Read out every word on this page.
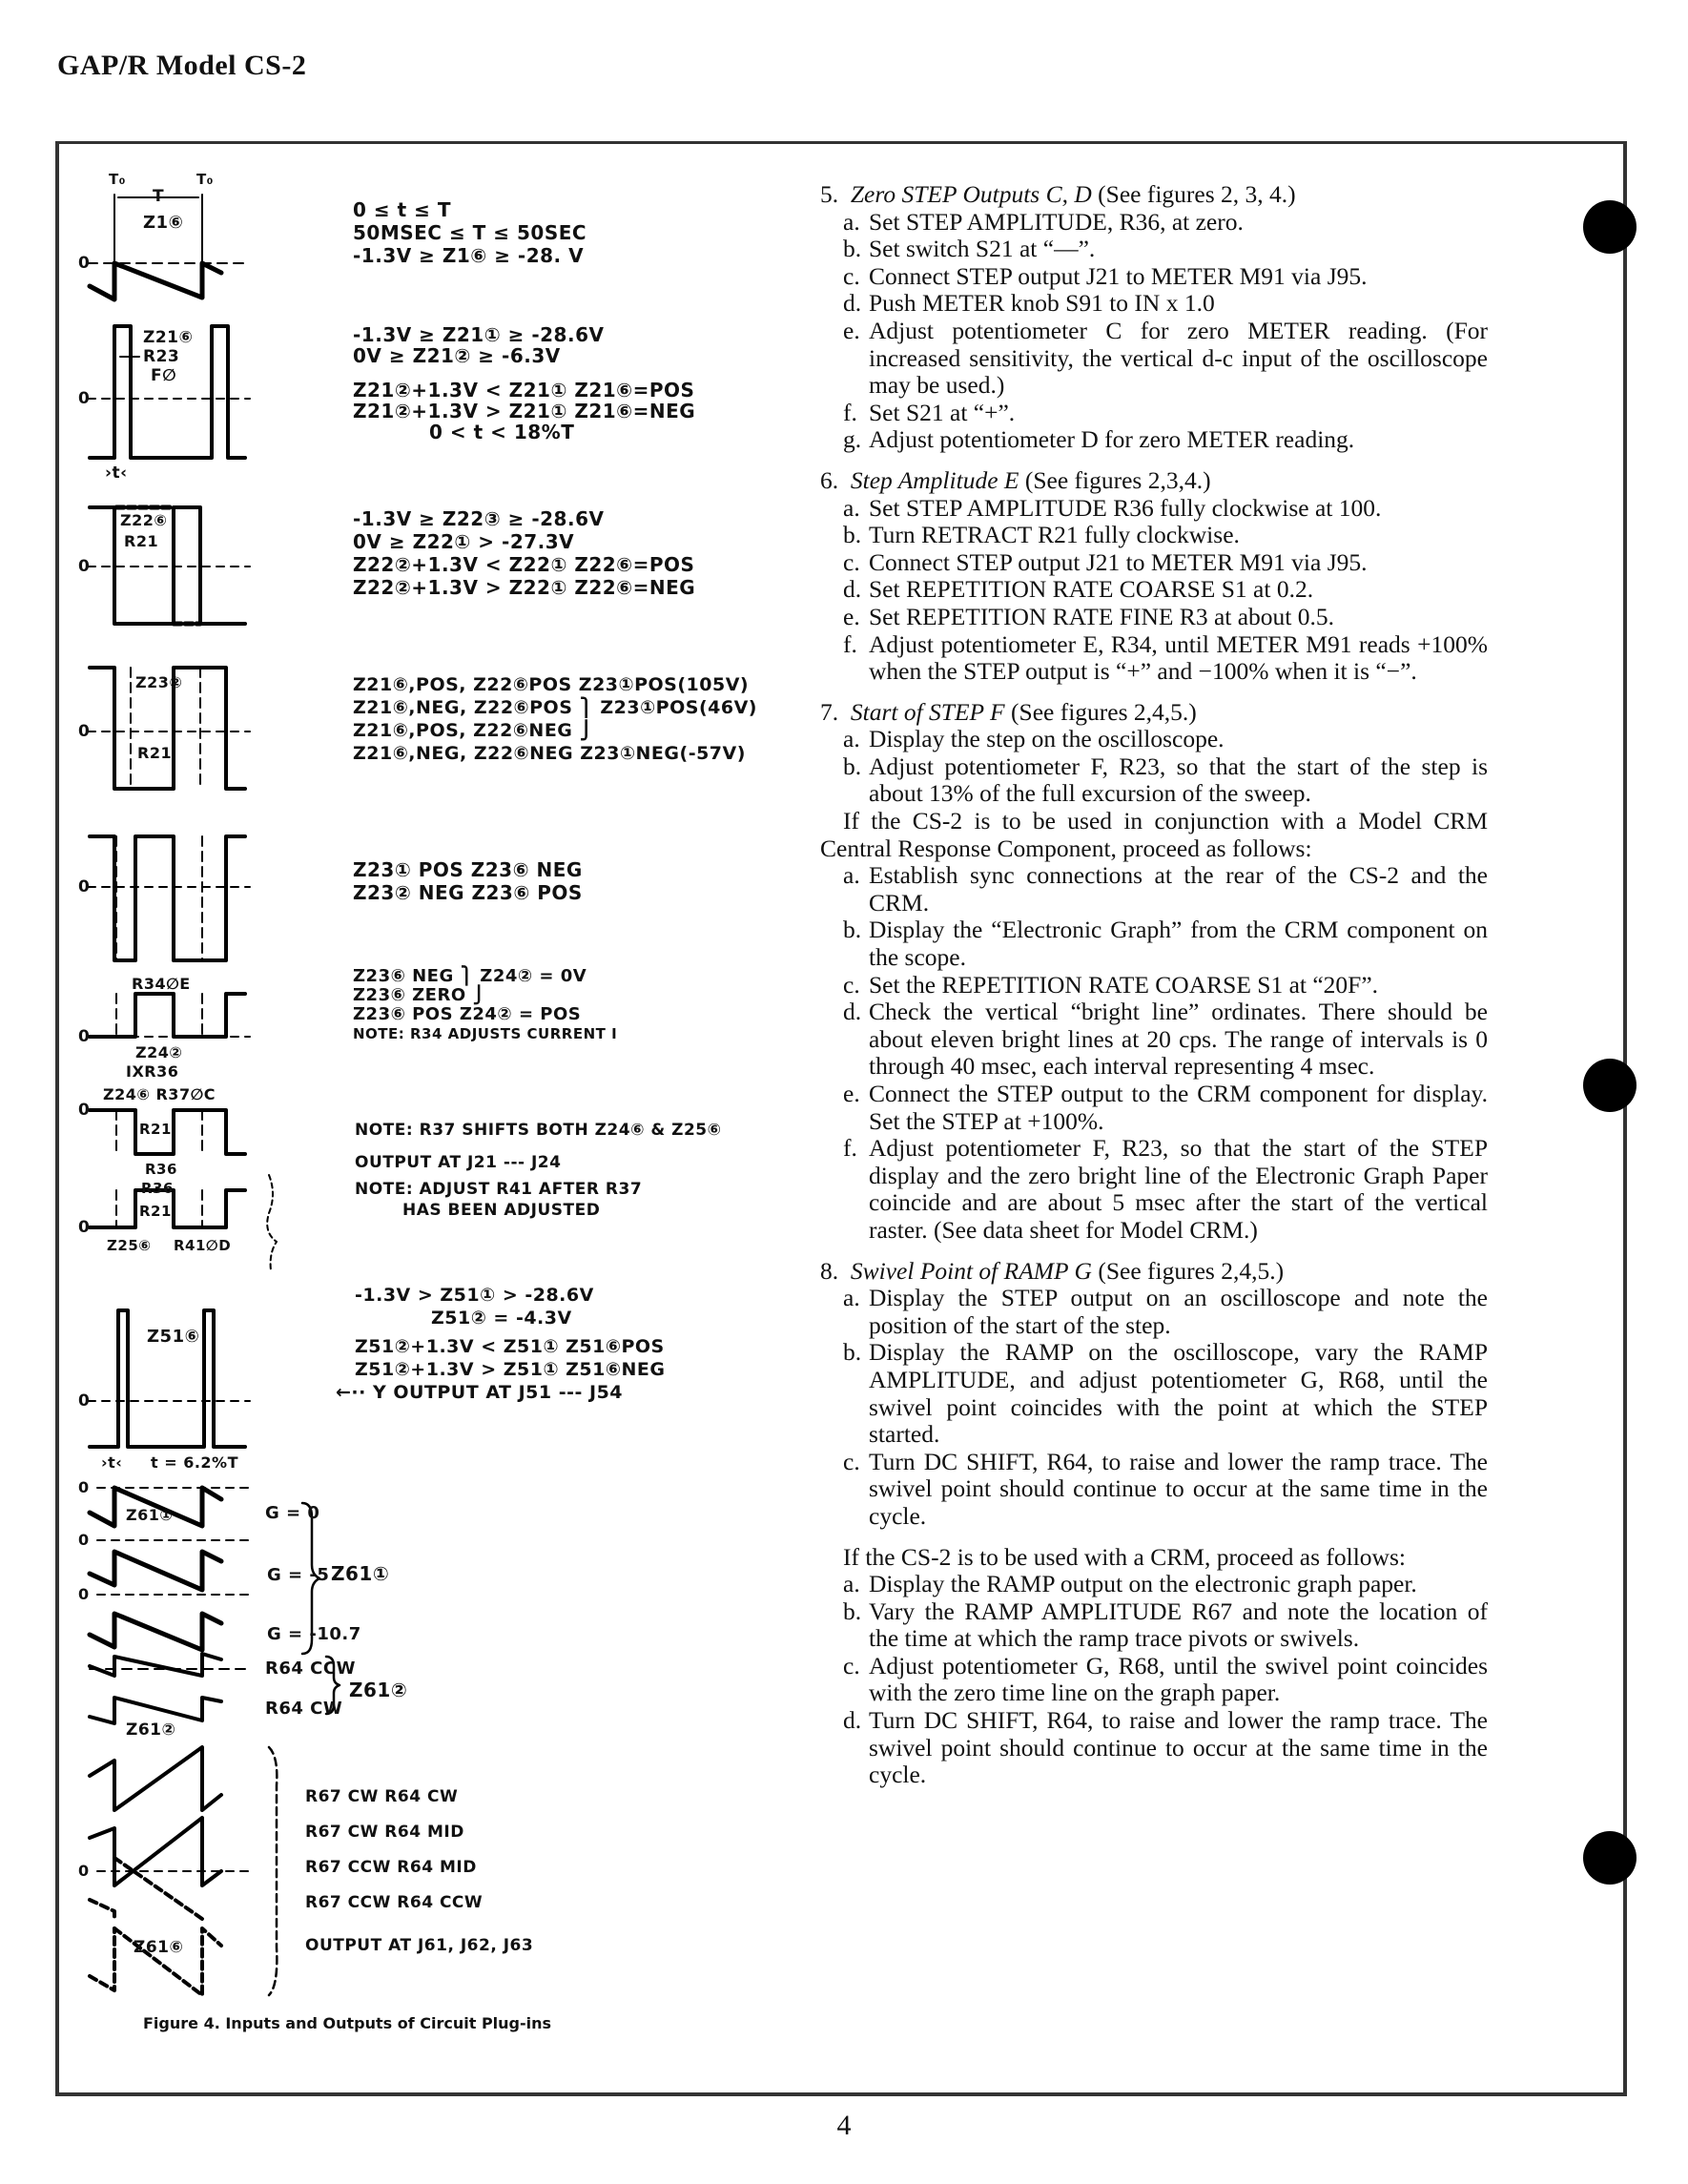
GAP/R Model CS-2
T₀	T₀
T
Z1⑥
0
Z21⑥
R23
F∅
0
›t‹
Z22⑥
R21
0
Z23②
0
R21
0
R34∅E
0
Z24②
IXR36
Z24⑥ R37∅C
0
R21
R36
R36
R21
0
Z25⑥ R41∅D
Z51⑥
0
›t‹ t = 6.2%T
0
Z61①
0
0
Z61②
0
Z61⑥
0 ≤ t ≤ T
50MSEC ≤ T ≤ 50SEC
-1.3V ≥ Z1⑥ ≥ -28. V
-1.3V ≥ Z21① ≥ -28.6V
0V ≥ Z21② ≥ -6.3V
Z21②+1.3V < Z21① Z21⑥=POS
Z21②+1.3V > Z21① Z21⑥=NEG
0 < t < 18%T
-1.3V ≥ Z22③ ≥ -28.6V
0V ≥ Z22① > -27.3V
Z22②+1.3V < Z22① Z22⑥=POS
Z22②+1.3V > Z22① Z22⑥=NEG
Z21⑥,POS, Z22⑥POS Z23①POS(105V)
Z21⑥,NEG, Z22⑥POS ⎫ Z23①POS(46V)
Z21⑥,POS, Z22⑥NEG ⎭
Z21⑥,NEG, Z22⑥NEG Z23①NEG(-57V)
Z23① POS Z23⑥ NEG
Z23② NEG Z23⑥ POS
Z23⑥ NEG ⎫ Z24② = 0V
Z23⑥ ZERO ⎭
Z23⑥ POS Z24② = POS
NOTE: R34 ADJUSTS CURRENT I
NOTE: R37 SHIFTS BOTH Z24⑥ & Z25⑥
OUTPUT AT J21 --- J24
NOTE: ADJUST R41 AFTER R37
HAS BEEN ADJUSTED
-1.3V > Z51① > -28.6V
Z51② = -4.3V
Z51②+1.3V < Z51① Z51⑥POS
Z51②+1.3V > Z51① Z51⑥NEG
←·· Y OUTPUT AT J51 --- J54
G = 0
G = -5
G = -10.7
Z61①
R64 CCW
R64 CW
Z61②
R67 CW R64 CW
R67 CW R64 MID
R67 CCW R64 MID
R67 CCW R64 CCW
OUTPUT AT J61, J62, J63
Figure 4. Inputs and Outputs of Circuit Plug-ins
5. Zero STEP Outputs C, D (See figures 2, 3, 4.)
a. Set STEP AMPLITUDE, R36, at zero.
b. Set switch S21 at “—”.
c. Connect STEP output J21 to METER M91 via J95.
d. Push METER knob S91 to IN x 1.0
e. Adjust potentiometer C for zero METER reading. (For increased sensitivity, the vertical d-c input of the oscilloscope may be used.)
f. Set S21 at “+”.
g. Adjust potentiometer D for zero METER reading.
6. Step Amplitude E (See figures 2,3,4.)
a. Set STEP AMPLITUDE R36 fully clockwise at 100.
b. Turn RETRACT R21 fully clockwise.
c. Connect STEP output J21 to METER M91 via J95.
d. Set REPETITION RATE COARSE S1 at 0.2.
e. Set REPETITION RATE FINE R3 at about 0.5.
f. Adjust potentiometer E, R34, until METER M91 reads +100% when the STEP output is “+” and −100% when it is “−”.
7. Start of STEP F (See figures 2,4,5.)
a. Display the step on the oscilloscope.
b. Adjust potentiometer F, R23, so that the start of the step is about 13% of the full excursion of the sweep.
If the CS-2 is to be used in conjunction with a Model CRM Central Response Component, proceed as follows:
a. Establish sync connections at the rear of the CS-2 and the CRM.
b. Display the “Electronic Graph” from the CRM component on the scope.
c. Set the REPETITION RATE COARSE S1 at “20F”.
d. Check the vertical “bright line” ordinates. There should be about eleven bright lines at 20 cps. The range of intervals is 0 through 40 msec, each interval representing 4 msec.
e. Connect the STEP output to the CRM component for display. Set the STEP at +100%.
f. Adjust potentiometer F, R23, so that the start of the STEP display and the zero bright line of the Electronic Graph Paper coincide and are about 5 msec after the start of the vertical raster. (See data sheet for Model CRM.)
8. Swivel Point of RAMP G (See figures 2,4,5.)
a. Display the STEP output on an oscilloscope and note the position of the start of the step.
b. Display the RAMP on the oscilloscope, vary the RAMP AMPLITUDE, and adjust potentiometer G, R68, until the swivel point coincides with the point at which the STEP started.
c. Turn DC SHIFT, R64, to raise and lower the ramp trace. The swivel point should continue to occur at the same time in the cycle.
If the CS-2 is to be used with a CRM, proceed as follows:
a. Display the RAMP output on the electronic graph paper.
b. Vary the RAMP AMPLITUDE R67 and note the location of the time at which the ramp trace pivots or swivels.
c. Adjust potentiometer G, R68, until the swivel point coincides with the zero time line on the graph paper.
d. Turn DC SHIFT, R64, to raise and lower the ramp trace. The swivel point should continue to occur at the same time in the cycle.
4
